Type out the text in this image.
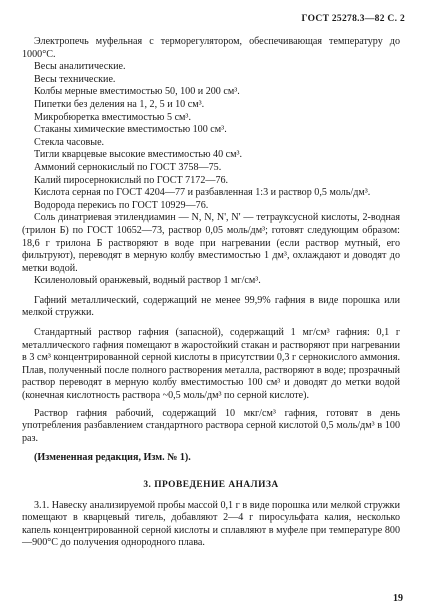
ГОСТ 25278.3—82 С. 2

Электропечь муфельная с терморегулятором, обеспечивающая температуру до 1000°С.

Весы аналитические.

Весы технические.

Колбы мерные вместимостью 50, 100 и 200 см³.

Пипетки без деления на 1, 2, 5 и 10 см³.

Микробюретка вместимостью 5 см³.

Стаканы химические вместимостью 100 см³.

Стекла часовые.

Тигли кварцевые высокие вместимостью 40 см³.

Аммоний сернокислый по ГОСТ 3758—75.

Калий пиросернокислый по ГОСТ 7172—76.

Кислота серная по ГОСТ 4204—77 и разбавленная 1:3 и раствор 0,5 моль/дм³.

Водорода перекись по ГОСТ 10929—76.

Соль динатриевая этилендиамин — N, N, N', N' — тетрауксусной кислоты, 2-водная (трилон Б) по ГОСТ 10652—73, раствор 0,05 моль/дм³; готовят следующим образом: 18,6 г трилона Б растворяют в воде при нагревании (если раствор мутный, его фильтруют), переводят в мерную колбу вместимостью 1 дм³, охлаждают и доводят до метки водой.

Ксиленоловый оранжевый, водный раствор 1 мг/см³.

Гафний металлический, содержащий не менее 99,9% гафния в виде порошка или мелкой стружки.

Стандартный раствор гафния (запасной), содержащий 1 мг/см³ гафния: 0,1 г металлического гафния помещают в жаростойкий стакан и растворяют при нагревании в 3 см³ концентрированной серной кислоты в присутствии 0,3 г сернокислого аммония. Плав, полученный после полного растворения металла, растворяют в воде; прозрачный раствор переводят в мерную колбу вместимостью 100 см³ и доводят до метки водой (конечная кислотность раствора ~0,5 моль/дм³ по серной кислоте).

Раствор гафния рабочий, содержащий 10 мкг/см³ гафния, готовят в день употребления разбавлением стандартного раствора серной кислотой 0,5 моль/дм³ в 100 раз.

(Измененная редакция, Изм. № 1).

3. ПРОВЕДЕНИЕ АНАЛИЗА

3.1. Навеску анализируемой пробы массой 0,1 г в виде порошка или мелкой стружки помещают в кварцевый тигель, добавляют 2—4 г пиросульфата калия, несколько капель концентрированной серной кислоты и сплавляют в муфеле при температуре 800—900°С до получения однородного плава.

19
